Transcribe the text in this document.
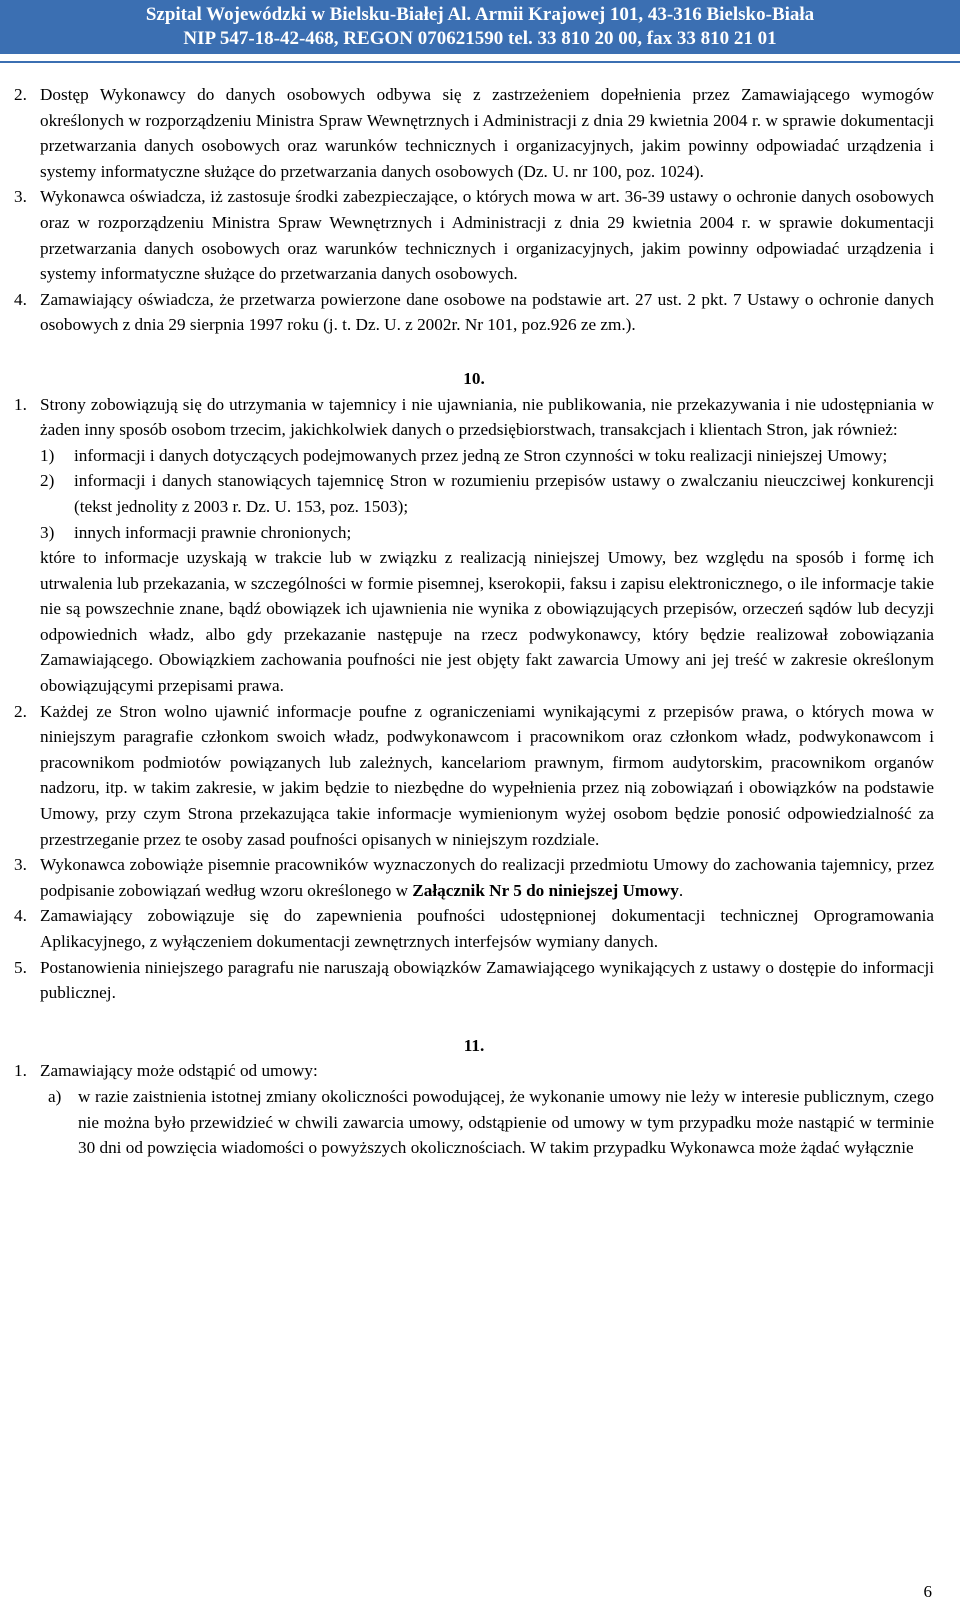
Szpital Wojewódzki w Bielsku-Białej Al. Armii Krajowej 101, 43-316 Bielsko-Biała
NIP 547-18-42-468, REGON 070621590 tel. 33 810 20 00, fax 33 810 21 01
2. Dostęp Wykonawcy do danych osobowych odbywa się z zastrzeżeniem dopełnienia przez Zamawiającego wymogów określonych w rozporządzeniu Ministra Spraw Wewnętrznych i Administracji z dnia 29 kwietnia 2004 r. w sprawie dokumentacji przetwarzania danych osobowych oraz warunków technicznych i organizacyjnych, jakim powinny odpowiadać urządzenia i systemy informatyczne służące do przetwarzania danych osobowych (Dz. U. nr 100, poz. 1024).
3. Wykonawca oświadcza, iż zastosuje środki zabezpieczające, o których mowa w art. 36-39 ustawy o ochronie danych osobowych oraz w rozporządzeniu Ministra Spraw Wewnętrznych i Administracji z dnia 29 kwietnia 2004 r. w sprawie dokumentacji przetwarzania danych osobowych oraz warunków technicznych i organizacyjnych, jakim powinny odpowiadać urządzenia i systemy informatyczne służące do przetwarzania danych osobowych.
4. Zamawiający oświadcza, że przetwarza powierzone dane osobowe na podstawie art. 27 ust. 2 pkt. 7 Ustawy o ochronie danych osobowych z dnia 29 sierpnia 1997 roku (j. t. Dz. U. z 2002r. Nr 101, poz.926 ze zm.).
10.
1. Strony zobowiązują się do utrzymania w tajemnicy i nie ujawniania, nie publikowania, nie przekazywania i nie udostępniania w żaden inny sposób osobom trzecim, jakichkolwiek danych o przedsiębiorstwach, transakcjach i klientach Stron, jak również:
1) informacji i danych dotyczących podejmowanych przez jedną ze Stron czynności w toku realizacji niniejszej Umowy;
2) informacji i danych stanowiących tajemnicę Stron w rozumieniu przepisów ustawy o zwalczaniu nieuczciwej konkurencji (tekst jednolity z 2003 r. Dz. U. 153, poz. 1503);
3) innych informacji prawnie chronionych;
które to informacje uzyskają w trakcie lub w związku z realizacją niniejszej Umowy, bez względu na sposób i formę ich utrwalenia lub przekazania, w szczególności w formie pisemnej, kserokopii, faksu i zapisu elektronicznego, o ile informacje takie nie są powszechnie znane, bądź obowiązek ich ujawnienia nie wynika z obowiązujących przepisów, orzeczeń sądów lub decyzji odpowiednich władz, albo gdy przekazanie następuje na rzecz podwykonawcy, który będzie realizował zobowiązania Zamawiającego. Obowiązkiem zachowania poufności nie jest objęty fakt zawarcia Umowy ani jej treść w zakresie określonym obowiązującymi przepisami prawa.
2. Każdej ze Stron wolno ujawnić informacje poufne z ograniczeniami wynikającymi z przepisów prawa, o których mowa w niniejszym paragrafie członkom swoich władz, podwykonawcom i pracownikom oraz członkom władz, podwykonawcom i pracownikom podmiotów powiązanych lub zależnych, kancelariom prawnym, firmom audytorskim, pracownikom organów nadzoru, itp. w takim zakresie, w jakim będzie to niezbędne do wypełnienia przez nią zobowiązań i obowiązków na podstawie Umowy, przy czym Strona przekazująca takie informacje wymienionym wyżej osobom będzie ponosić odpowiedzialność za przestrzeganie przez te osoby zasad poufności opisanych w niniejszym rozdziale.
3. Wykonawca zobowiąże pisemnie pracowników wyznaczonych do realizacji przedmiotu Umowy do zachowania tajemnicy, przez podpisanie zobowiązań według wzoru określonego w Załącznik Nr 5 do niniejszej Umowy.
4. Zamawiający zobowiązuje się do zapewnienia poufności udostępnionej dokumentacji technicznej Oprogramowania Aplikacyjnego, z wyłączeniem dokumentacji zewnętrznych interfejsów wymiany danych.
5. Postanowienia niniejszego paragrafu nie naruszają obowiązków Zamawiającego wynikających z ustawy o dostępie do informacji publicznej.
11.
1. Zamawiający może odstąpić od umowy:
a) w razie zaistnienia istotnej zmiany okoliczności powodującej, że wykonanie umowy nie leży w interesie publicznym, czego nie można było przewidzieć w chwili zawarcia umowy, odstąpienie od umowy w tym przypadku może nastąpić w terminie 30 dni od powzięcia wiadomości o powyższych okolicznościach. W takim przypadku Wykonawca może żądać wyłącznie
6
